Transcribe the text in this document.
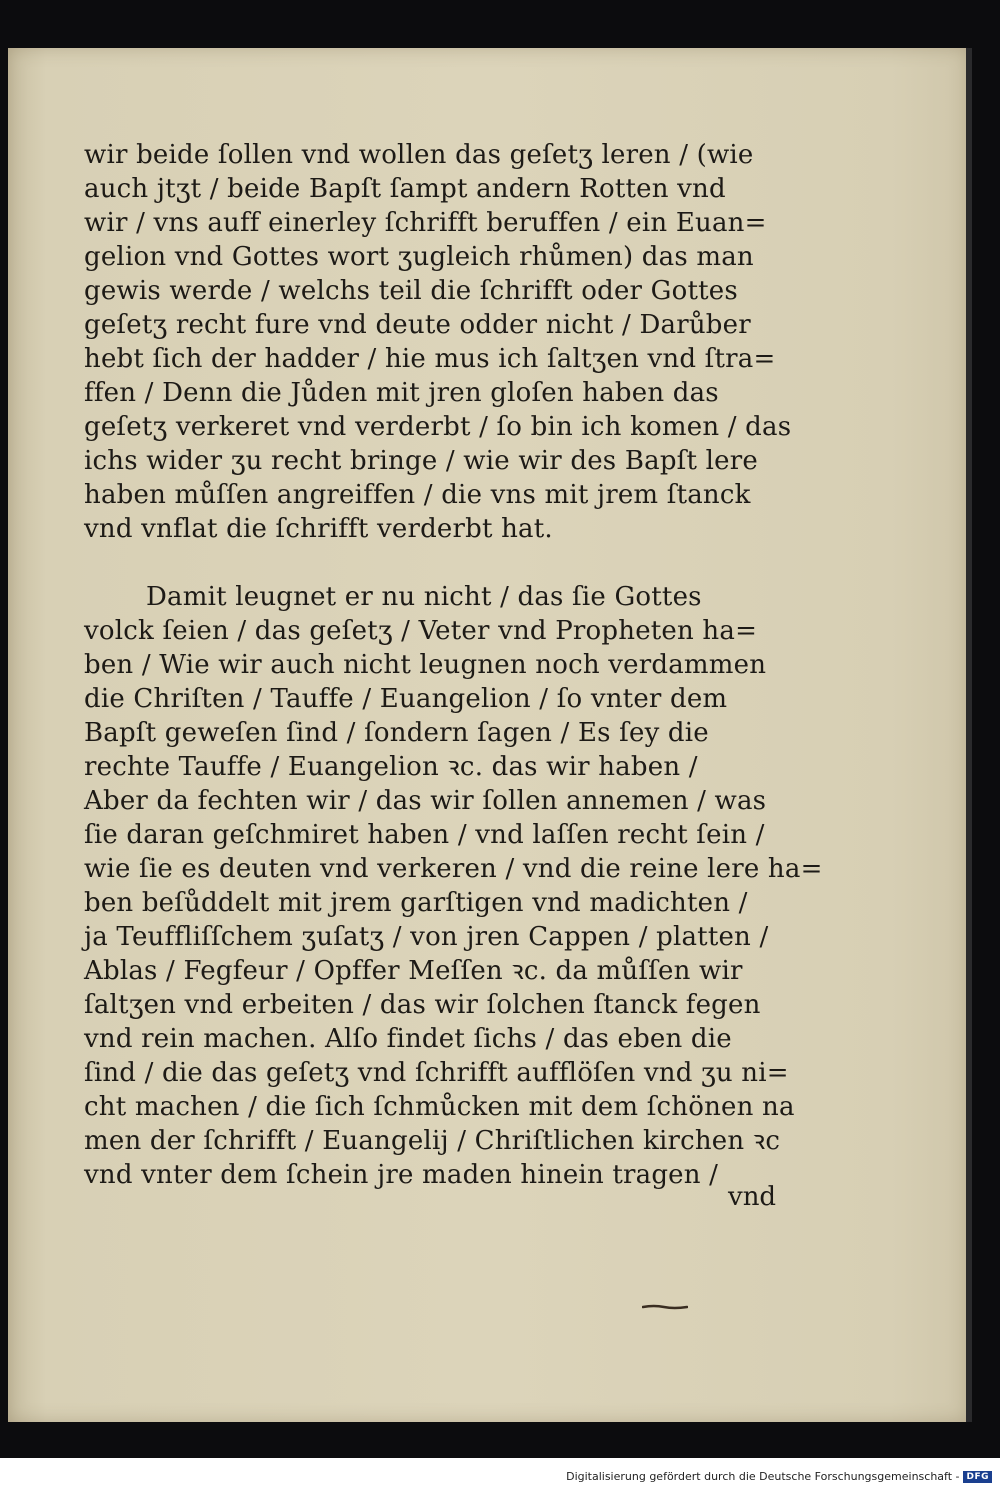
wir beide ſollen vnd wollen das geſetʒ leren / (wie
auch jtʒt / beide Bapſt ſampt andern Rotten vnd
wir / vns auff einerley ſchrifft beruffen / ein Euan=
gelion vnd Gottes wort ʒugleich rhůmen) das man
gewis werde / welchs teil die ſchrifft oder Gottes
geſetʒ recht fure vnd deute odder nicht / Darůber
hebt ſich der hadder / hie mus ich ſaltʒen vnd ſtra=
ffen / Denn die Jůden mit jren gloſen haben das
geſetʒ verkeret vnd verderbt / ſo bin ich komen / das
ichs wider ʒu recht bringe / wie wir des Bapſt lere
haben můſſen angreiffen / die vns mit jrem ſtanck
vnd vnflat die ſchrifft verderbt hat.
Damit leugnet er nu nicht / das ſie Gottes
volck ſeien / das geſetʒ / Veter vnd Propheten ha=
ben / Wie wir auch nicht leugnen noch verdammen
die Chriſten / Tauffe / Euangelion / ſo vnter dem
Bapſt geweſen ſind / ſondern ſagen / Es ſey die
rechte Tauffe / Euangelion ꝛc. das wir haben /
Aber da fechten wir / das wir ſollen annemen / was
ſie daran geſchmiret haben / vnd laſſen recht ſein /
wie ſie es deuten vnd verkeren / vnd die reine lere ha=
ben beſůddelt mit jrem garſtigen vnd madichten /
ja Teuffliſſchem ʒuſatʒ / von jren Cappen / platten /
Ablas / Fegfeur / Opffer Meſſen ꝛc. da můſſen wir
ſaltʒen vnd erbeiten / das wir ſolchen ſtanck fegen
vnd rein machen. Alſo findet ſichs / das eben die
ſind / die das geſetʒ vnd ſchrifft aufflöſen vnd ʒu ni=
cht machen / die ſich ſchmůcken mit dem ſchönen na
men der ſchrifft / Euangelij / Chriſtlichen kirchen ꝛc
vnd vnter dem ſchein jre maden hinein tragen /
vnd
Digitalisierung gefördert durch die Deutsche Forschungsgemeinschaft - DFG
